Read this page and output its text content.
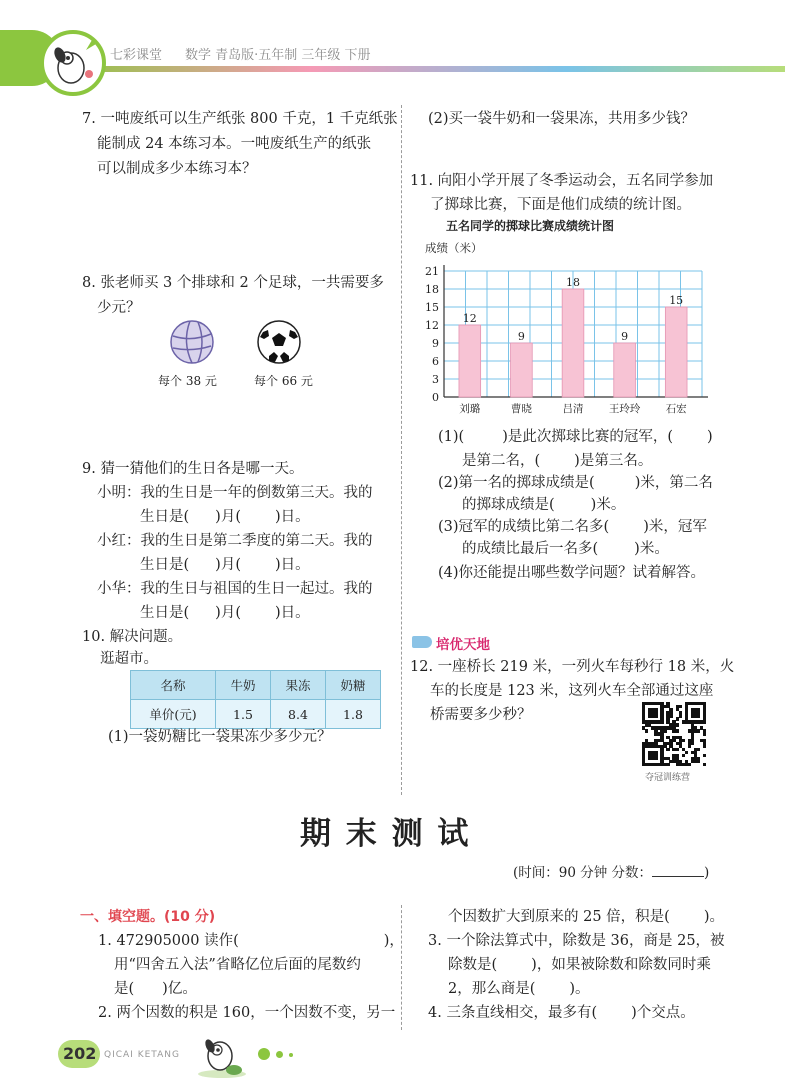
七彩课堂 数学 青岛版·五年制 三年级 下册
7. 一吨废纸可以生产纸张 800 千克，1 千克纸张
能制成 24 本练习本。一吨废纸生产的纸张
可以制成多少本练习本？
8. 张老师买 3 个排球和 2 个足球，一共需要多
少元？
每个 38 元	每个 66 元
9. 猜一猜他们的生日各是哪一天。
小明：我的生日是一年的倒数第三天。我的
生日是( )月( )日。
小红：我的生日是第二季度的第二天。我的
生日是( )月( )日。
小华：我的生日与祖国的生日一起过。我的
生日是( )月( )日。
10. 解决问题。
逛超市。
名称	牛奶	果冻	奶糖
单价(元)	1.5	8.4	1.8
(1)一袋奶糖比一袋果冻少多少元？
(2)买一袋牛奶和一袋果冻，共用多少钱？
11. 向阳小学开展了冬季运动会，五名同学参加
了掷球比赛，下面是他们成绩的统计图。
五名同学的掷球比赛成绩统计图
成绩（米）
0
3
6
9
12
15
18
21
12
刘璐
9
曹晓
18
吕清
9
王玲玲
15
石宏
(1)(	)是此次掷球比赛的冠军，( )
是第二名，( )是第三名。
(2)第一名的掷球成绩是(	)米，第二名
的掷球成绩是( )米。
(3)冠军的成绩比第二名多( )米，冠军
的成绩比最后一名多( )米。
(4)你还能提出哪些数学问题？试着解答。
培优天地
12. 一座桥长 219 米，一列火车每秒行 18 米，火
车的长度是 123 米，这列火车全部通过这座
桥需要多少秒？
夺冠训练营
期 末 测 试
(时间：90 分钟 分数：	)
一、填空题。(10 分)
1. 472905000 读作(	)，
用“四舍五入法”省略亿位后面的尾数约
是( )亿。
2. 两个因数的积是 160，一个因数不变，另一
个因数扩大到原来的 25 倍，积是( )。
3. 一个除法算式中，除数是 36，商是 25，被
除数是( )，如果被除数和除数同时乘
2，那么商是( )。
4. 三条直线相交，最多有( )个交点。
202 QICAI KETANG
